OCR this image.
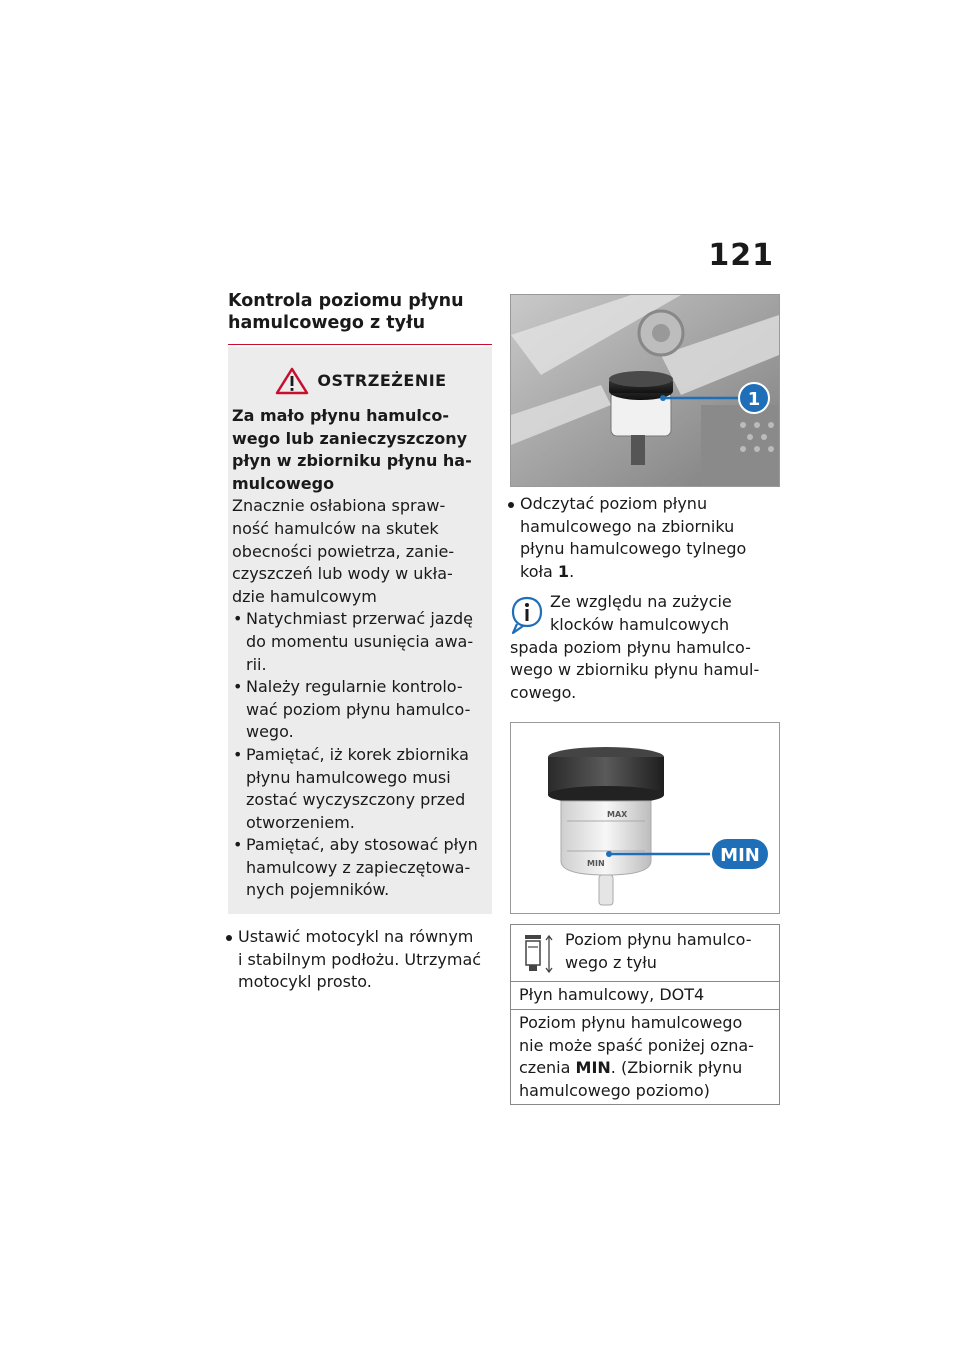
121
Kontrola poziomu płynu
hamulcowego z tyłu
OSTRZEŻENIE
Za mało płynu hamulco-
wego lub zanieczyszczony
płyn w zbiorniku płynu ha-
mulcowego
Znacznie osłabiona spraw-
ność hamulców na skutek
obecności powietrza, zanie-
czyszczeń lub wody w ukła-
dzie hamulcowym
• Natychmiast przerwać jazdę
do momentu usunięcia awa-
rii.
• Należy regularnie kontrolo-
wać poziom płynu hamulco-
wego.
• Pamiętać, iż korek zbiornika
płynu hamulcowego musi
zostać wyczyszczony przed
otworzeniem.
• Pamiętać, aby stosować płyn
hamulcowy z zapieczętowa-
nych pojemników.
Ustawić motocykl na równym
i stabilnym podłożu. Utrzymać
motocykl prosto.
1
Odczytać poziom płynu
hamulcowego na zbiorniku
płynu hamulcowego tylnego
koła 1.
Ze względu na zużycie
klocków hamulcowych
spada poziom płynu hamulco-
wego w zbiorniku płynu hamul-
cowego.
MAX
MIN	MIN
Poziom płynu hamulco-
wego z tyłu
Płyn hamulcowy, DOT4
Poziom płynu hamulcowego
nie może spaść poniżej ozna-
czenia MIN. (Zbiornik płynu
hamulcowego poziomo)
